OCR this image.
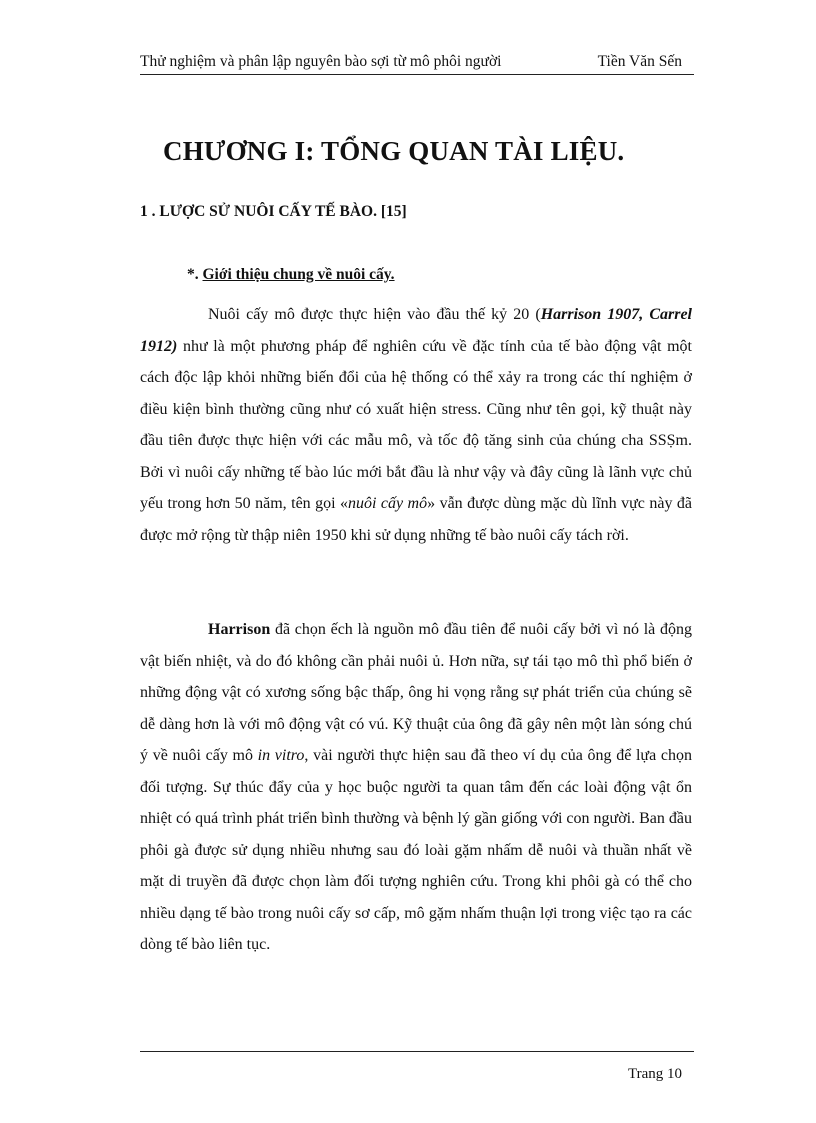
Thử nghiệm và phân lập nguyên bào sợi từ mô phôi người	Tiền Văn Sến
CHƯƠNG I: TỔNG QUAN TÀI LIỆU.
1 . LƯỢC SỬ NUÔI CẤY TẾ BÀO. [15]
*. Giới thiệu chung về nuôi cấy.

Nuôi cấy mô được thực hiện vào đầu thế kỷ 20 (Harrison 1907, Carrel 1912) như là một phương pháp để nghiên cứu về đặc tính của tế bào động vật một cách độc lập khỏi những biến đổi của hệ thống có thể xảy ra trong các thí nghiệm ở điều kiện bình thường cũng như có xuất hiện stress. Cũng như tên gọi, kỹ thuật này đầu tiên được thực hiện với các mẫu mô, và tốc độ tăng sinh của chúng cha SSṢm. Bởi vì nuôi cấy những tế bào lúc mới bắt đầu là như vậy và đây cũng là lãnh vực chủ yếu trong hơn 50 năm, tên gọi «nuôi cấy mô» vẫn được dùng mặc dù lĩnh vực này đã được mở rộng từ thập niên 1950 khi sử dụng những tế bào nuôi cấy tách rời.

Harrison đã chọn ếch là nguồn mô đầu tiên để nuôi cấy bởi vì nó là động vật biến nhiệt, và do đó không cần phải nuôi ủ. Hơn nữa, sự tái tạo mô thì phổ biến ở những động vật có xương sống bậc thấp, ông hi vọng rằng sự phát triển của chúng sẽ dễ dàng hơn là với mô động vật có vú. Kỹ thuật của ông đã gây nên một làn sóng chú ý về nuôi cấy mô in vitro, vài người thực hiện sau đã theo ví dụ của ông để lựa chọn đối tượng. Sự thúc đẩy của y học buộc người ta quan tâm đến các loài động vật ổn nhiệt có quá trình phát triển bình thường và bệnh lý gần giống với con người. Ban đầu phôi gà được sử dụng nhiều nhưng sau đó loài gặm nhấm dễ nuôi và thuần nhất về mặt di truyền đã được chọn làm đối tượng nghiên cứu. Trong khi phôi gà có thể cho nhiều dạng tế bào trong nuôi cấy sơ cấp, mô gặm nhấm thuận lợi trong việc tạo ra các dòng tế bào liên tục.

Trang 10
